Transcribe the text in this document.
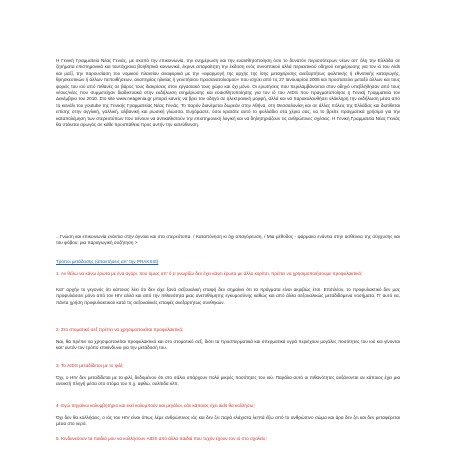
Η Γενική Γραμματεία Νέας Γενιάς, με σκοπό την επικοινωνία, την ενημέρωση και την ευαισθητοποίηση όσο το δυνατόν περισσότερων νέων απ' όλη την Ελλάδα σε ζητήματα επιστημονικά και ταυτόχρονα βοηθητικά κοινωνικά, έκρινε απαραίτητη την έκδοση ενός συνοπτικού αλλά περιεκτικού οδηγού ενημέρωσης για τον ιό του Aids και μαζί, την παρουσίαση του νομικού πλαισίου αναφορικά με την «εφαρμογή της αρχής της ίσης μεταχείρισης ανεξαρτήτως φυλετικής ή εθνοτικής καταγωγής, θρησκευτικών ή άλλων πεποιθήσεων, αναπηρίας ηλικίας ή γενετήσιου προσανατολισμού» που ισχύει από τις 27 Ιανουαρίου 2005 και προστατεύει μεταξύ άλλων και τους φορείς του ιού από πιθανές σε βάρος τους διακρίσεις στον εργασιακό τους χώρο και όχι μόνο. Οι ερωτήσεις που περιλαμβάνονται στον οδηγό υπεβλήθησαν από τους νέους/νέες που συμμετείχαν διαδικτυακά στην εκδήλωση ενημέρωσης και ευαισθητοποίησης για τον ιό του AIDS που πραγματοποίησε η Γενική Γραμματεία τον Δεκέμβριο του 2010. Στο site www.neagenia.gr μπορεί κανείς να βρει τον οδηγό σε ηλεκτρονική μορφή, αλλά και να παρακολουθήσει ολόκληρη την εκδήλωση μέσα από το κανάλι του youtube της Γενικής Γραμματείας Νέας Γενιάς. Το παρόν διανέμεται δωρεάν στην Αθήνα, στη Θεσσαλονίκη και σε άλλες πόλεις της Ελλάδας και διατίθεται επίσης στην αγγλική, γαλλική, αλβανική και ρωσική γλώσσα. Ευχόμαστε, όσοι κρατάτε αυτό το φυλλάδιο στα χέρια σας, να το βρείτε πραγματικά χρήσιμο για την καταπολέμηση των στερεοτύπων που τείνουν να αντικαθιστούν την επιστημονική λογική και να δηλητηριάζουν τις ανθρώπινες σχέσεις. Η Γενική Γραμματεία Νέας Γενιάς θα στέκεται αρωγός σε κάθε προσπάθεια προς αυτήν την κατεύθυνση.

...Γνώση και επικοινωνία ενάντια στην άγνοια και στα στερεότυπα. / Καταπόνηση κι όχι απαγόρευση. / Μια μέθοδος - φάρμακο ενάντια στην ασθένεια της σύγχυσης και του φόβου: μια παραγωγική συζήτηση >

Τρόποι μετάδοσης (απαντήσεις απ' την PRAKSIS)

1. Αν θέλω να κάνω έρωτα με ένα αγόρι, που όμως απ' ό,τι γνωρίζω δεν έχει κάνει έρωτα με άλλο κορίτσι, πρέπει να χρησιμοποιήσουμε προφυλακτικό;

Κατ' αρχήν το γεγονός ότι κάποιος λέει ότι δεν είχε ξανά σεξουαλική επαφή δεν σημαίνει ότι τα πράγματα είναι ακριβώς έτσι. Επιπλέον, το προφυλακτικό δεν μας προφυλάσσει μόνο από τον HIV αλλά και από την πιθανότητα μιας ανεπιθύμητης εγκυμοσύνης καθώς και από άλλα σεξουαλικώς μεταδιδόμενα νοσήματα. Γι' αυτό να, πάντα χρήση προφυλακτικού κατά τις σεξουαλικές επαφές ανεξαρτήτως συνθηκών.

2. Στο στοματικό σεξ πρέπει να χρησιμοποιείται προφυλακτικό;

Ναι, θα πρέπει να χρησιμοποιείται προφυλακτικό και στο στοματικό σεξ, διότι τα προσπερματικά και σπερματικά υγρά περιέχουν μεγάλες ποσότητες του ιού και γίνονται κατ' αυτόν τον τρόπο επικίνδυνα για την μετάδοσή του.

3. Το AIDS μεταδίδεται με το φιλί;

Όχι, ο HIV δεν μεταδίδεται με το φιλί, δεδομένου ότι στο σάλιο υπάρχουν πολύ μικρές ποσότητες του ιού. Παράλα αυτό οι πιθανότητες αυξάνονται αν κάποιος έχει μια ανοικτή πληγή μέσα στο στόμα του π.χ. αφθώ, ουλίτιδα κλπ.

4. Εγώ πηγαίνω κολυμβητήριο και εκεί κολυμπούν και μεγάλοι, εάν κάποιος έχει aids θα κολλήσω;

Όχι δεν θα κολλήσεις, ο ιός του HIV είναι όπως λέμε ανθρώπινος ιός και δεν ζει παρά ελάχιστα λεπτά έξω από το ανθρώπινο σώμα και άρα δεν ζει και δεν μεταφέρεται μέσα στο νερό.

5. Κινδυνεύουν τα παιδιά μου να κολλήσουν AIDS από άλλα παιδιά που τυχόν έχουν τον ιό στο σχολείο;
